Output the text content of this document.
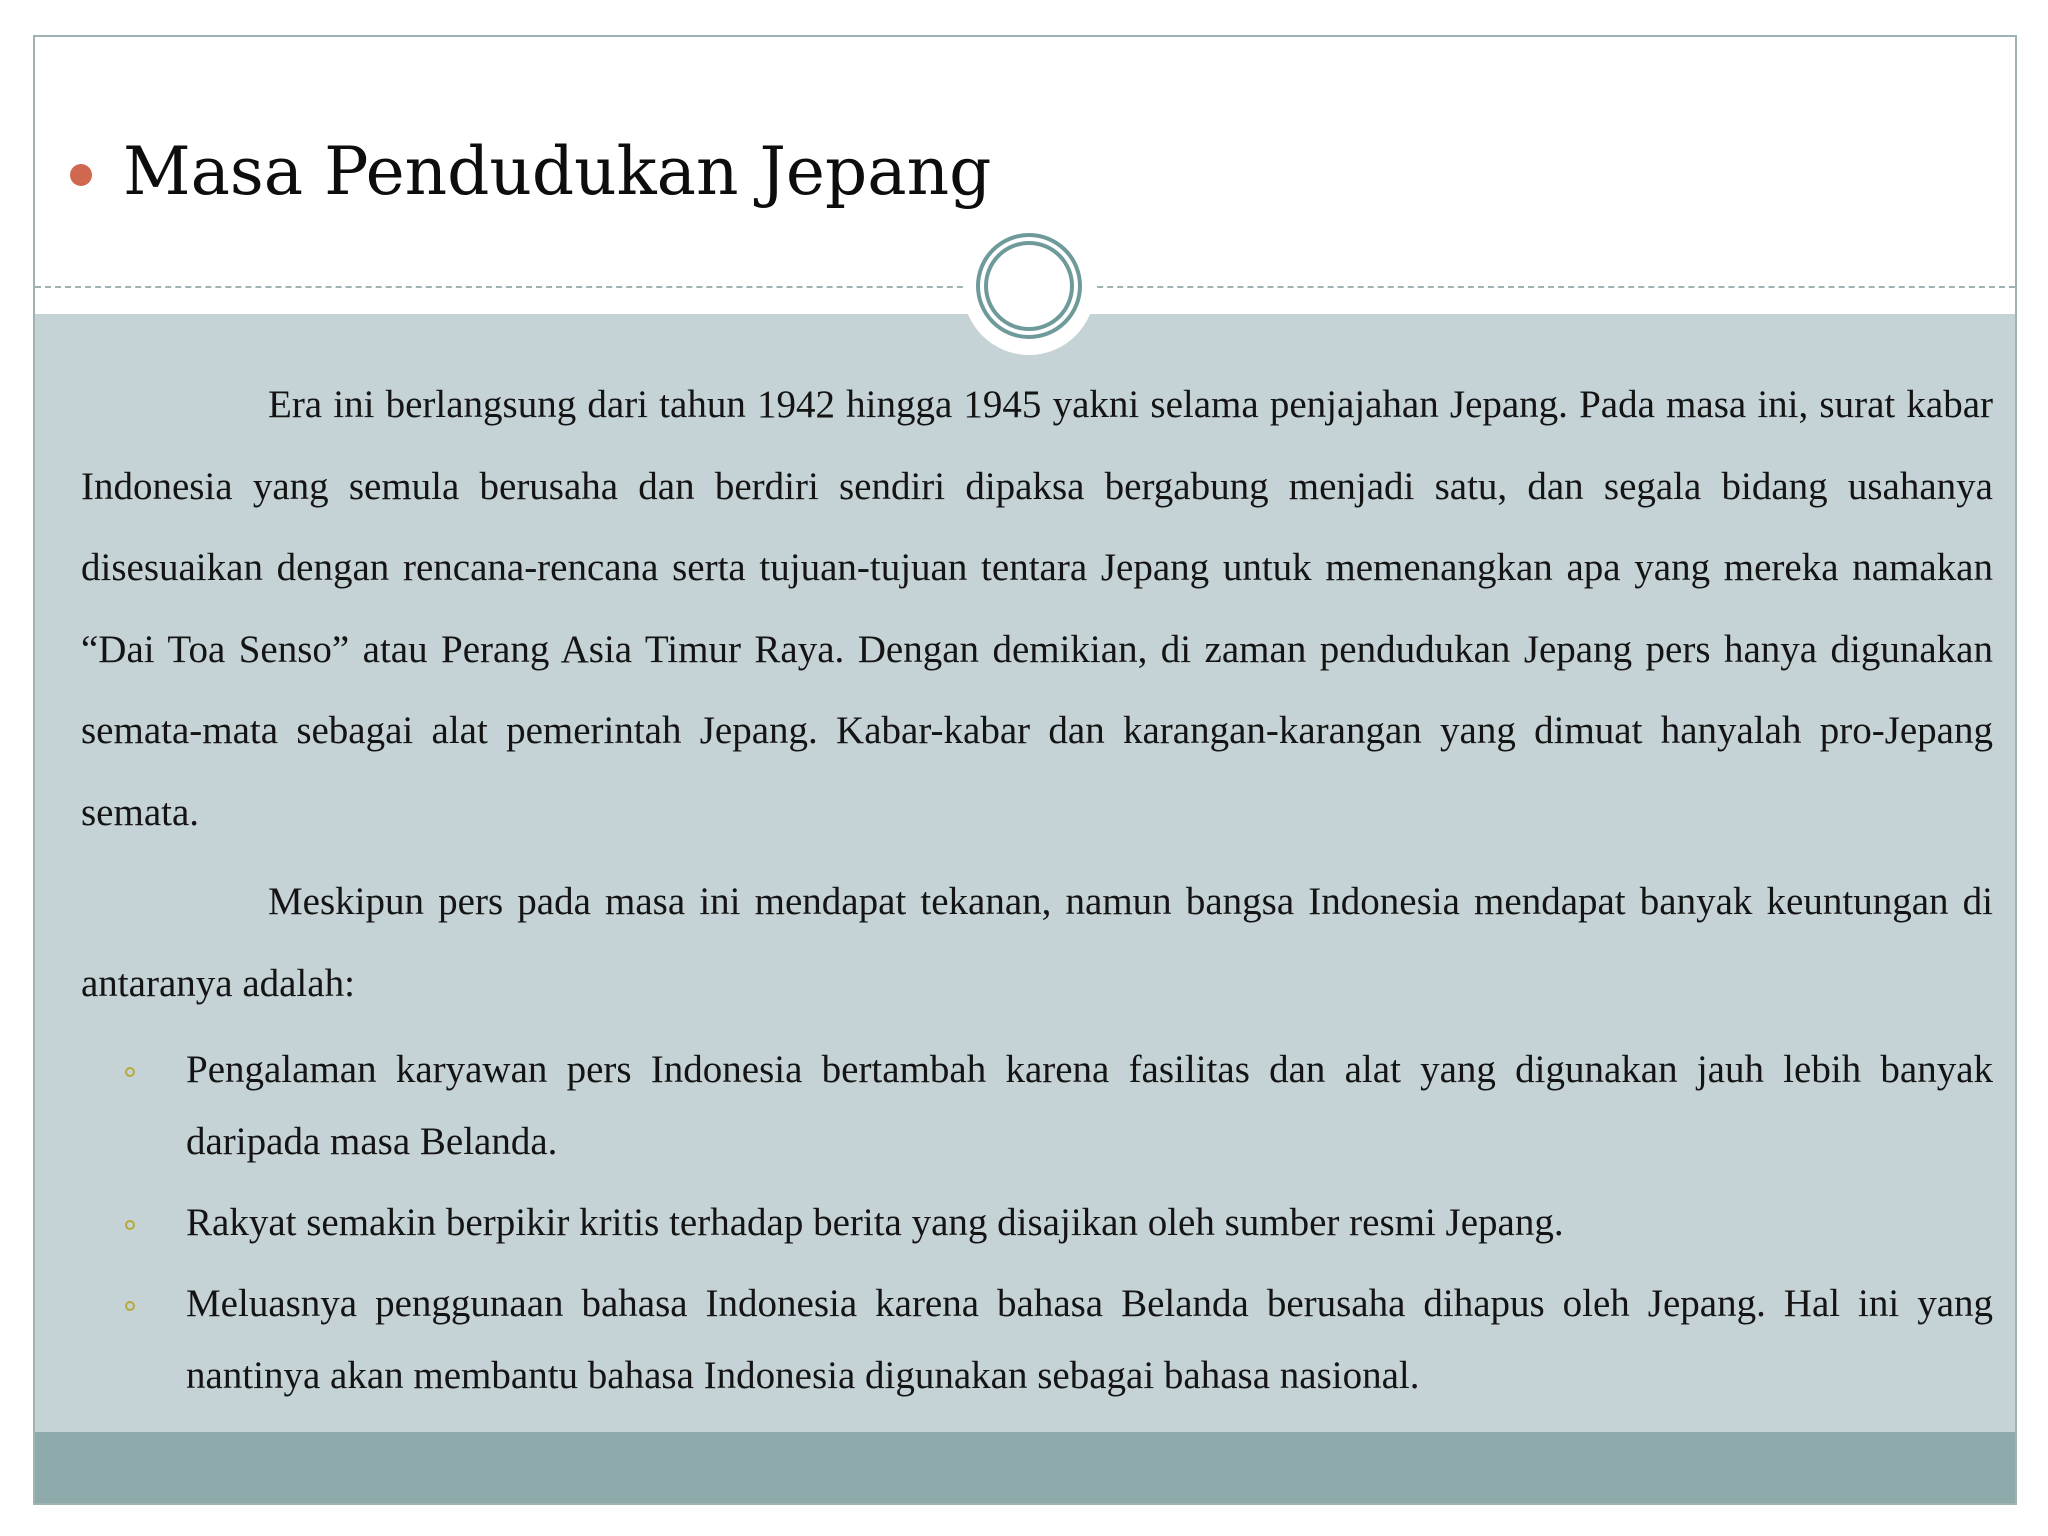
Masa Pendudukan Jepang

Era ini berlangsung dari tahun 1942 hingga 1945 yakni selama penjajahan Jepang. Pada masa ini, surat kabar Indonesia yang semula berusaha dan berdiri sendiri dipaksa bergabung menjadi satu, dan segala bidang usahanya disesuaikan dengan rencana-rencana serta tujuan-tujuan tentara Jepang untuk memenangkan apa yang mereka namakan “Dai Toa Senso” atau Perang Asia Timur Raya. Dengan demikian, di zaman pendudukan Jepang pers hanya digunakan semata-mata sebagai alat pemerintah Jepang. Kabar-kabar dan karangan-karangan yang dimuat hanyalah pro-Jepang semata.

Meskipun pers pada masa ini mendapat tekanan, namun bangsa Indonesia mendapat banyak keuntungan di antaranya adalah:

Pengalaman karyawan pers Indonesia bertambah karena fasilitas dan alat yang digunakan jauh lebih banyak daripada masa Belanda.
Rakyat semakin berpikir kritis terhadap berita yang disajikan oleh sumber resmi Jepang.
Meluasnya penggunaan bahasa Indonesia karena bahasa Belanda berusaha dihapus oleh Jepang. Hal ini yang nantinya akan membantu bahasa Indonesia digunakan sebagai bahasa nasional.
